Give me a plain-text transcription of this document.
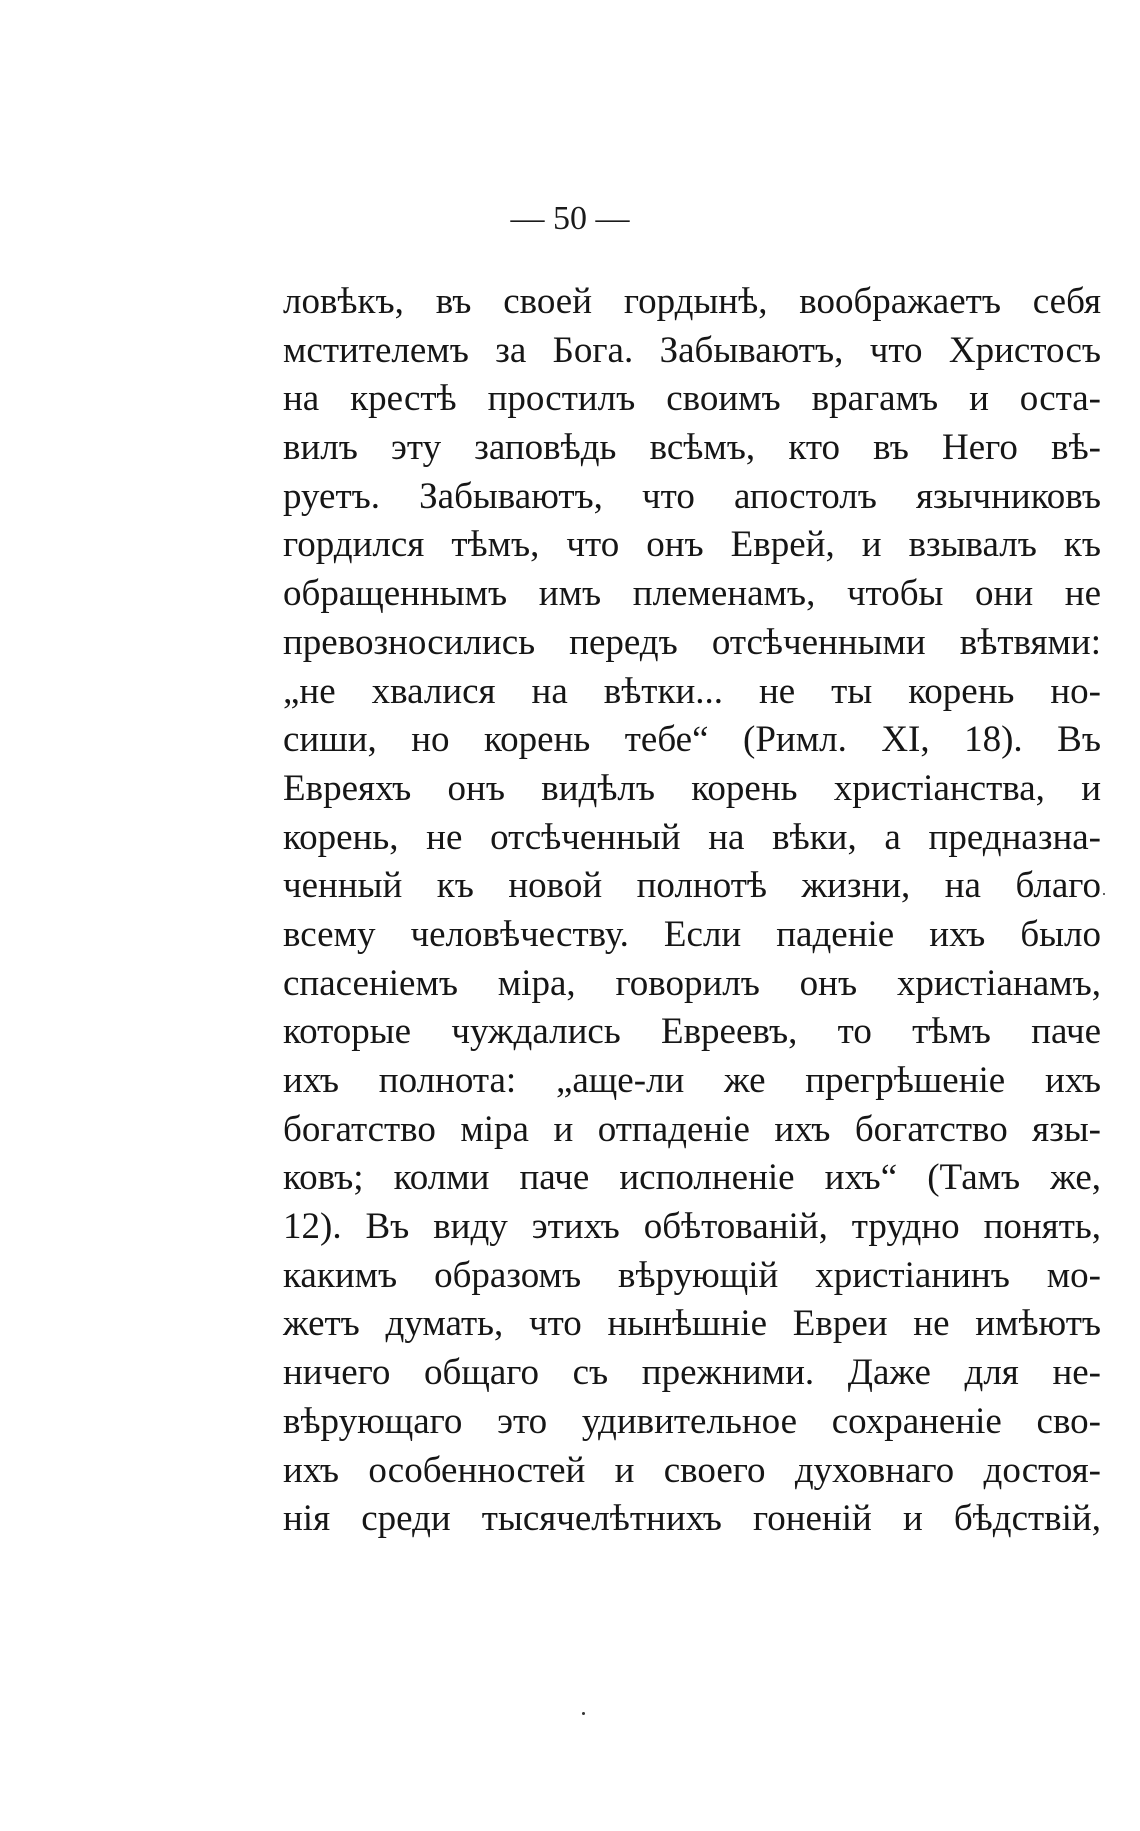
— 50 —

ловѣкъ, въ своей гордынѣ, воображаетъ себя
мстителемъ за Бога. Забываютъ, что Христосъ
на крестѣ простилъ своимъ врагамъ и оста-
вилъ эту заповѣдь всѣмъ, кто въ Него вѣ-
руетъ. Забываютъ, что апостолъ язычниковъ
гордился тѣмъ, что онъ Еврей, и взывалъ къ
обращеннымъ имъ племенамъ, чтобы они не
превозносились передъ отсѣченными вѣтвями:
„не хвалися на вѣтки... не ты корень но-
сиши, но корень тебе“ (Римл. XI, 18). Въ
Евреяхъ онъ видѣлъ корень христіанства, и
корень, не отсѣченный на вѣки, а предназна-
ченный къ новой полнотѣ жизни, на благо
всему человѣчеству. Если паденіе ихъ было
спасеніемъ міра, говорилъ онъ христіанамъ,
которые чуждались Евреевъ, то тѣмъ паче
ихъ полнота: „аще-ли же прегрѣшеніе ихъ
богатство міра и отпаденіе ихъ богатство язы-
ковъ; колми паче исполненіе ихъ“ (Тамъ же,
12). Въ виду этихъ обѣтованій, трудно понять,
какимъ образомъ вѣрующій христіанинъ мо-
жетъ думать, что нынѣшніе Евреи не имѣютъ
ничего общаго съ прежними. Даже для не-
вѣрующаго это удивительное сохраненіе сво-
ихъ особенностей и своего духовнаго достоя-
нія среди тысячелѣтнихъ гоненій и бѣдствій,
